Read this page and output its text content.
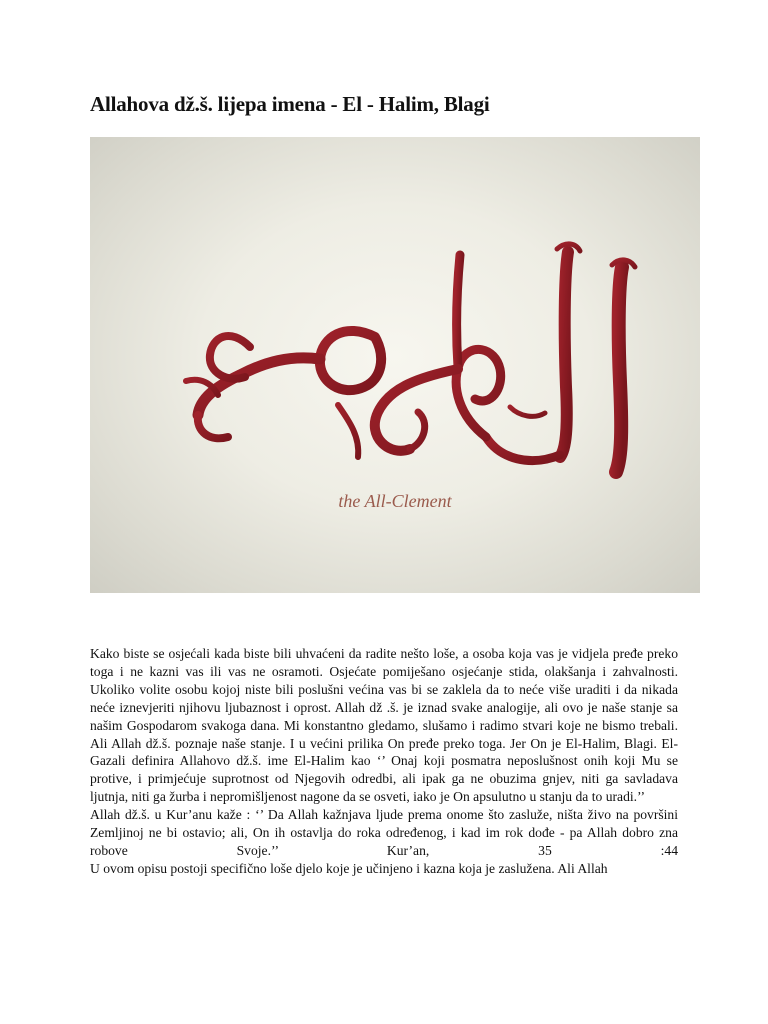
Allahova dž.š. lijepa imena - El - Halim, Blagi
the All-Clement

Kako biste se osjećali kada biste bili uhvaćeni da radite nešto loše, a osoba koja vas je vidjela pređe preko toga i ne kazni vas ili vas ne osramoti. Osjećate pomiješano osjećanje stida, olakšanja i zahvalnosti. Ukoliko volite osobu kojoj niste bili poslušni većina vas bi se zaklela da to neće više uraditi i da nikada neće iznevjeriti njihovu ljubaznost i oprost. Allah dž .š. je iznad svake analogije, ali ovo je naše stanje sa našim Gospodarom svakoga dana. Mi konstantno gledamo, slušamo i radimo stvari koje ne bismo trebali. Ali Allah dž.š. poznaje naše stanje. I u većini prilika On pređe preko toga. Jer On je El-Halim, Blagi. El-Gazali definira Allahovo dž.š. ime El-Halim kao ‘’ Onaj koji posmatra neposlušnost onih koji Mu se protive, i primjećuje suprotnost od Njegovih odredbi, ali ipak ga ne obuzima gnjev, niti ga savladava ljutnja, niti ga žurba i nepromišljenost nagone da se osveti, iako je On apsulutno u stanju da to uradi.’’

Allah dž.š. u Kur’anu kaže : ‘’ Da Allah kažnjava ljude prema onome što zasluže, ništa živo na površini Zemljinoj ne bi ostavio; ali, On ih ostavlja do roka određenog, i kad im rok dođe - pa Allah dobro zna robove Svoje.’’ Kur’an, 35 :44

U ovom opisu postoji specifično loše djelo koje je učinjeno i kazna koja je zaslužena. Ali Allah
